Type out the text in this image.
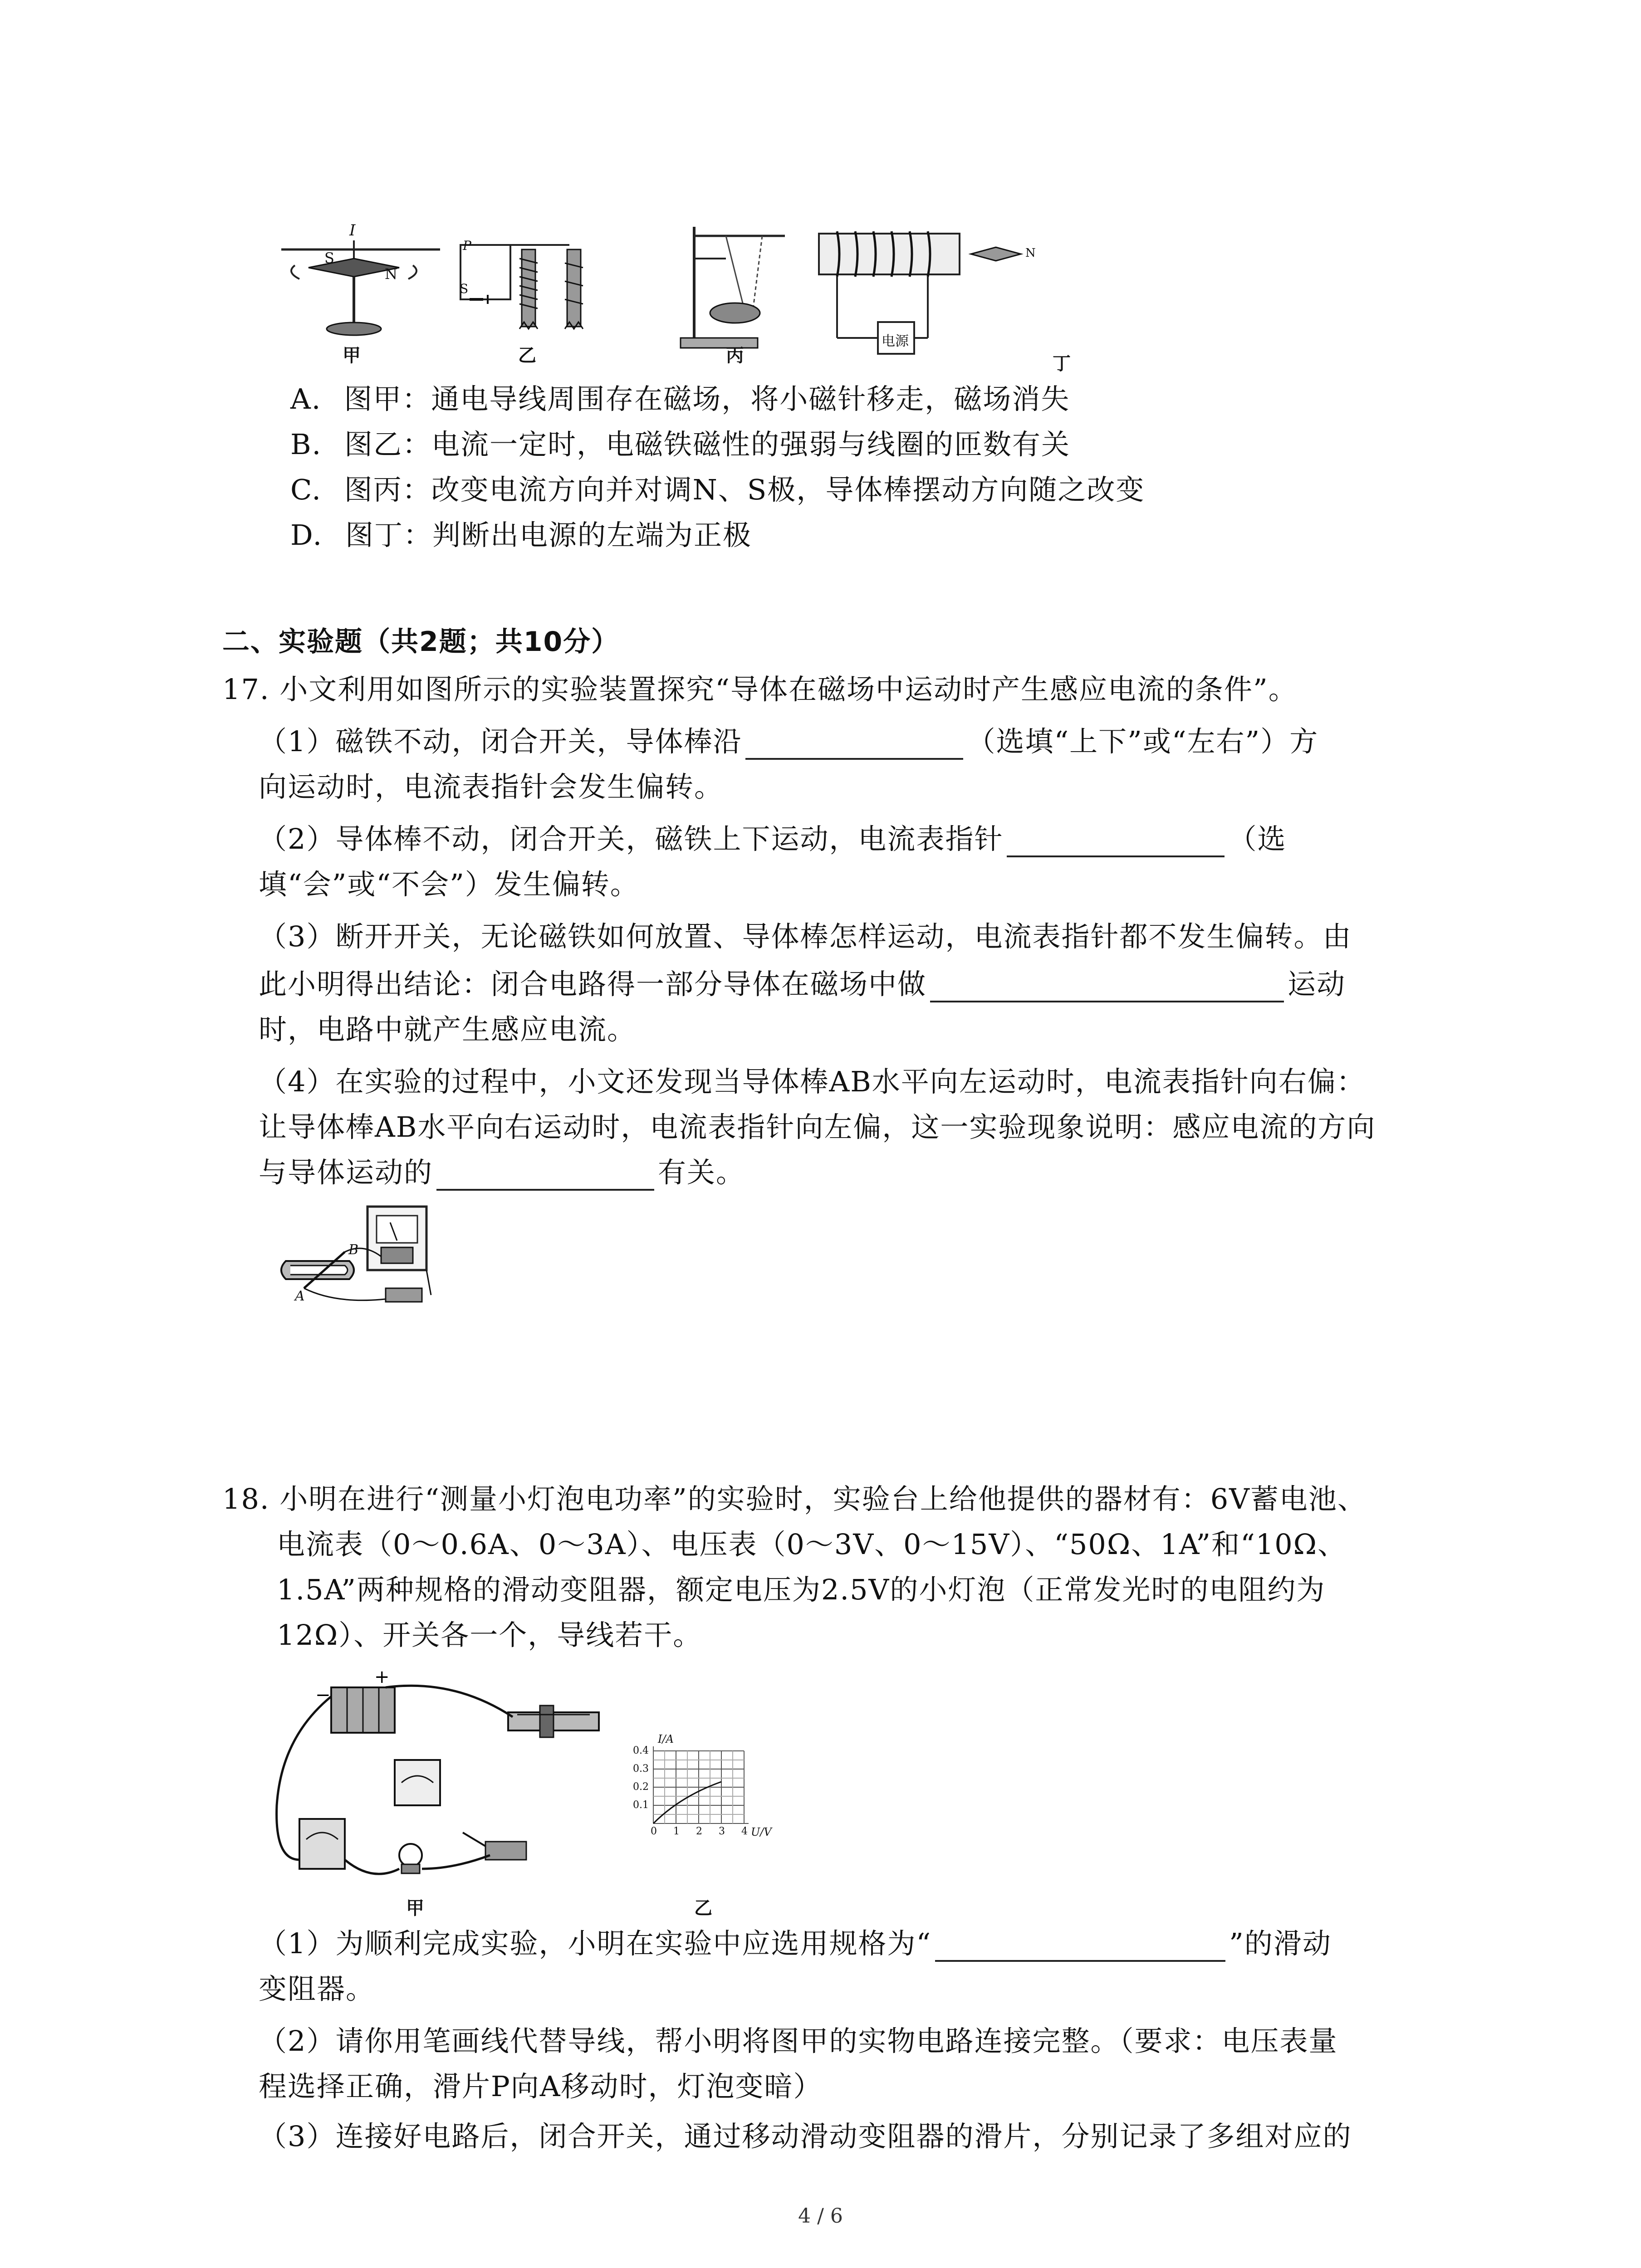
I
S
N
P
S
电源
N
甲	乙	丙	丁
A. 图甲：通电导线周围存在磁场，将小磁针移走，磁场消失
B. 图乙：电流一定时，电磁铁磁性的强弱与线圈的匝数有关
C. 图丙：改变电流方向并对调N、S极，导体棒摆动方向随之改变
D. 图丁：判断出电源的左端为正极
二、实验题（共2题；共10分）
17. 小文利用如图所示的实验装置探究“导体在磁场中运动时产生感应电流的条件”。
（1）磁铁不动，闭合开关，导体棒沿	（选填“上下”或“左右”）方
向运动时，电流表指针会发生偏转。
（2）导体棒不动，闭合开关，磁铁上下运动，电流表指针	（选
填“会”或“不会”）发生偏转。
（3）断开开关，无论磁铁如何放置、导体棒怎样运动，电流表指针都不发生偏转。由
此小明得出结论：闭合电路得一部分导体在磁场中做	运动
时，电路中就产生感应电流。
（4）在实验的过程中，小文还发现当导体棒AB水平向左运动时，电流表指针向右偏：
让导体棒AB水平向右运动时，电流表指针向左偏，这一实验现象说明：感应电流的方向
与导体运动的	有关。
B
A
18. 小明在进行“测量小灯泡电功率”的实验时，实验台上给他提供的器材有：6V蓄电池、
电流表（0～0.6A、0～3A）、电压表（0～3V、0～15V）、“50Ω、1A”和“10Ω、
1.5A”两种规格的滑动变阻器，额定电压为2.5V的小灯泡（正常发光时的电阻约为
12Ω）、开关各一个，导线若干。
+
−
甲
I/A
U/V
0.4
0.3
0.2
0.1
0 1 2 3 4
乙
（1）为顺利完成实验，小明在实验中应选用规格为“	”的滑动
变阻器。
（2）请你用笔画线代替导线，帮小明将图甲的实物电路连接完整。（要求：电压表量
程选择正确，滑片P向A移动时，灯泡变暗）
（3）连接好电路后，闭合开关，通过移动滑动变阻器的滑片，分别记录了多组对应的
4 / 6
